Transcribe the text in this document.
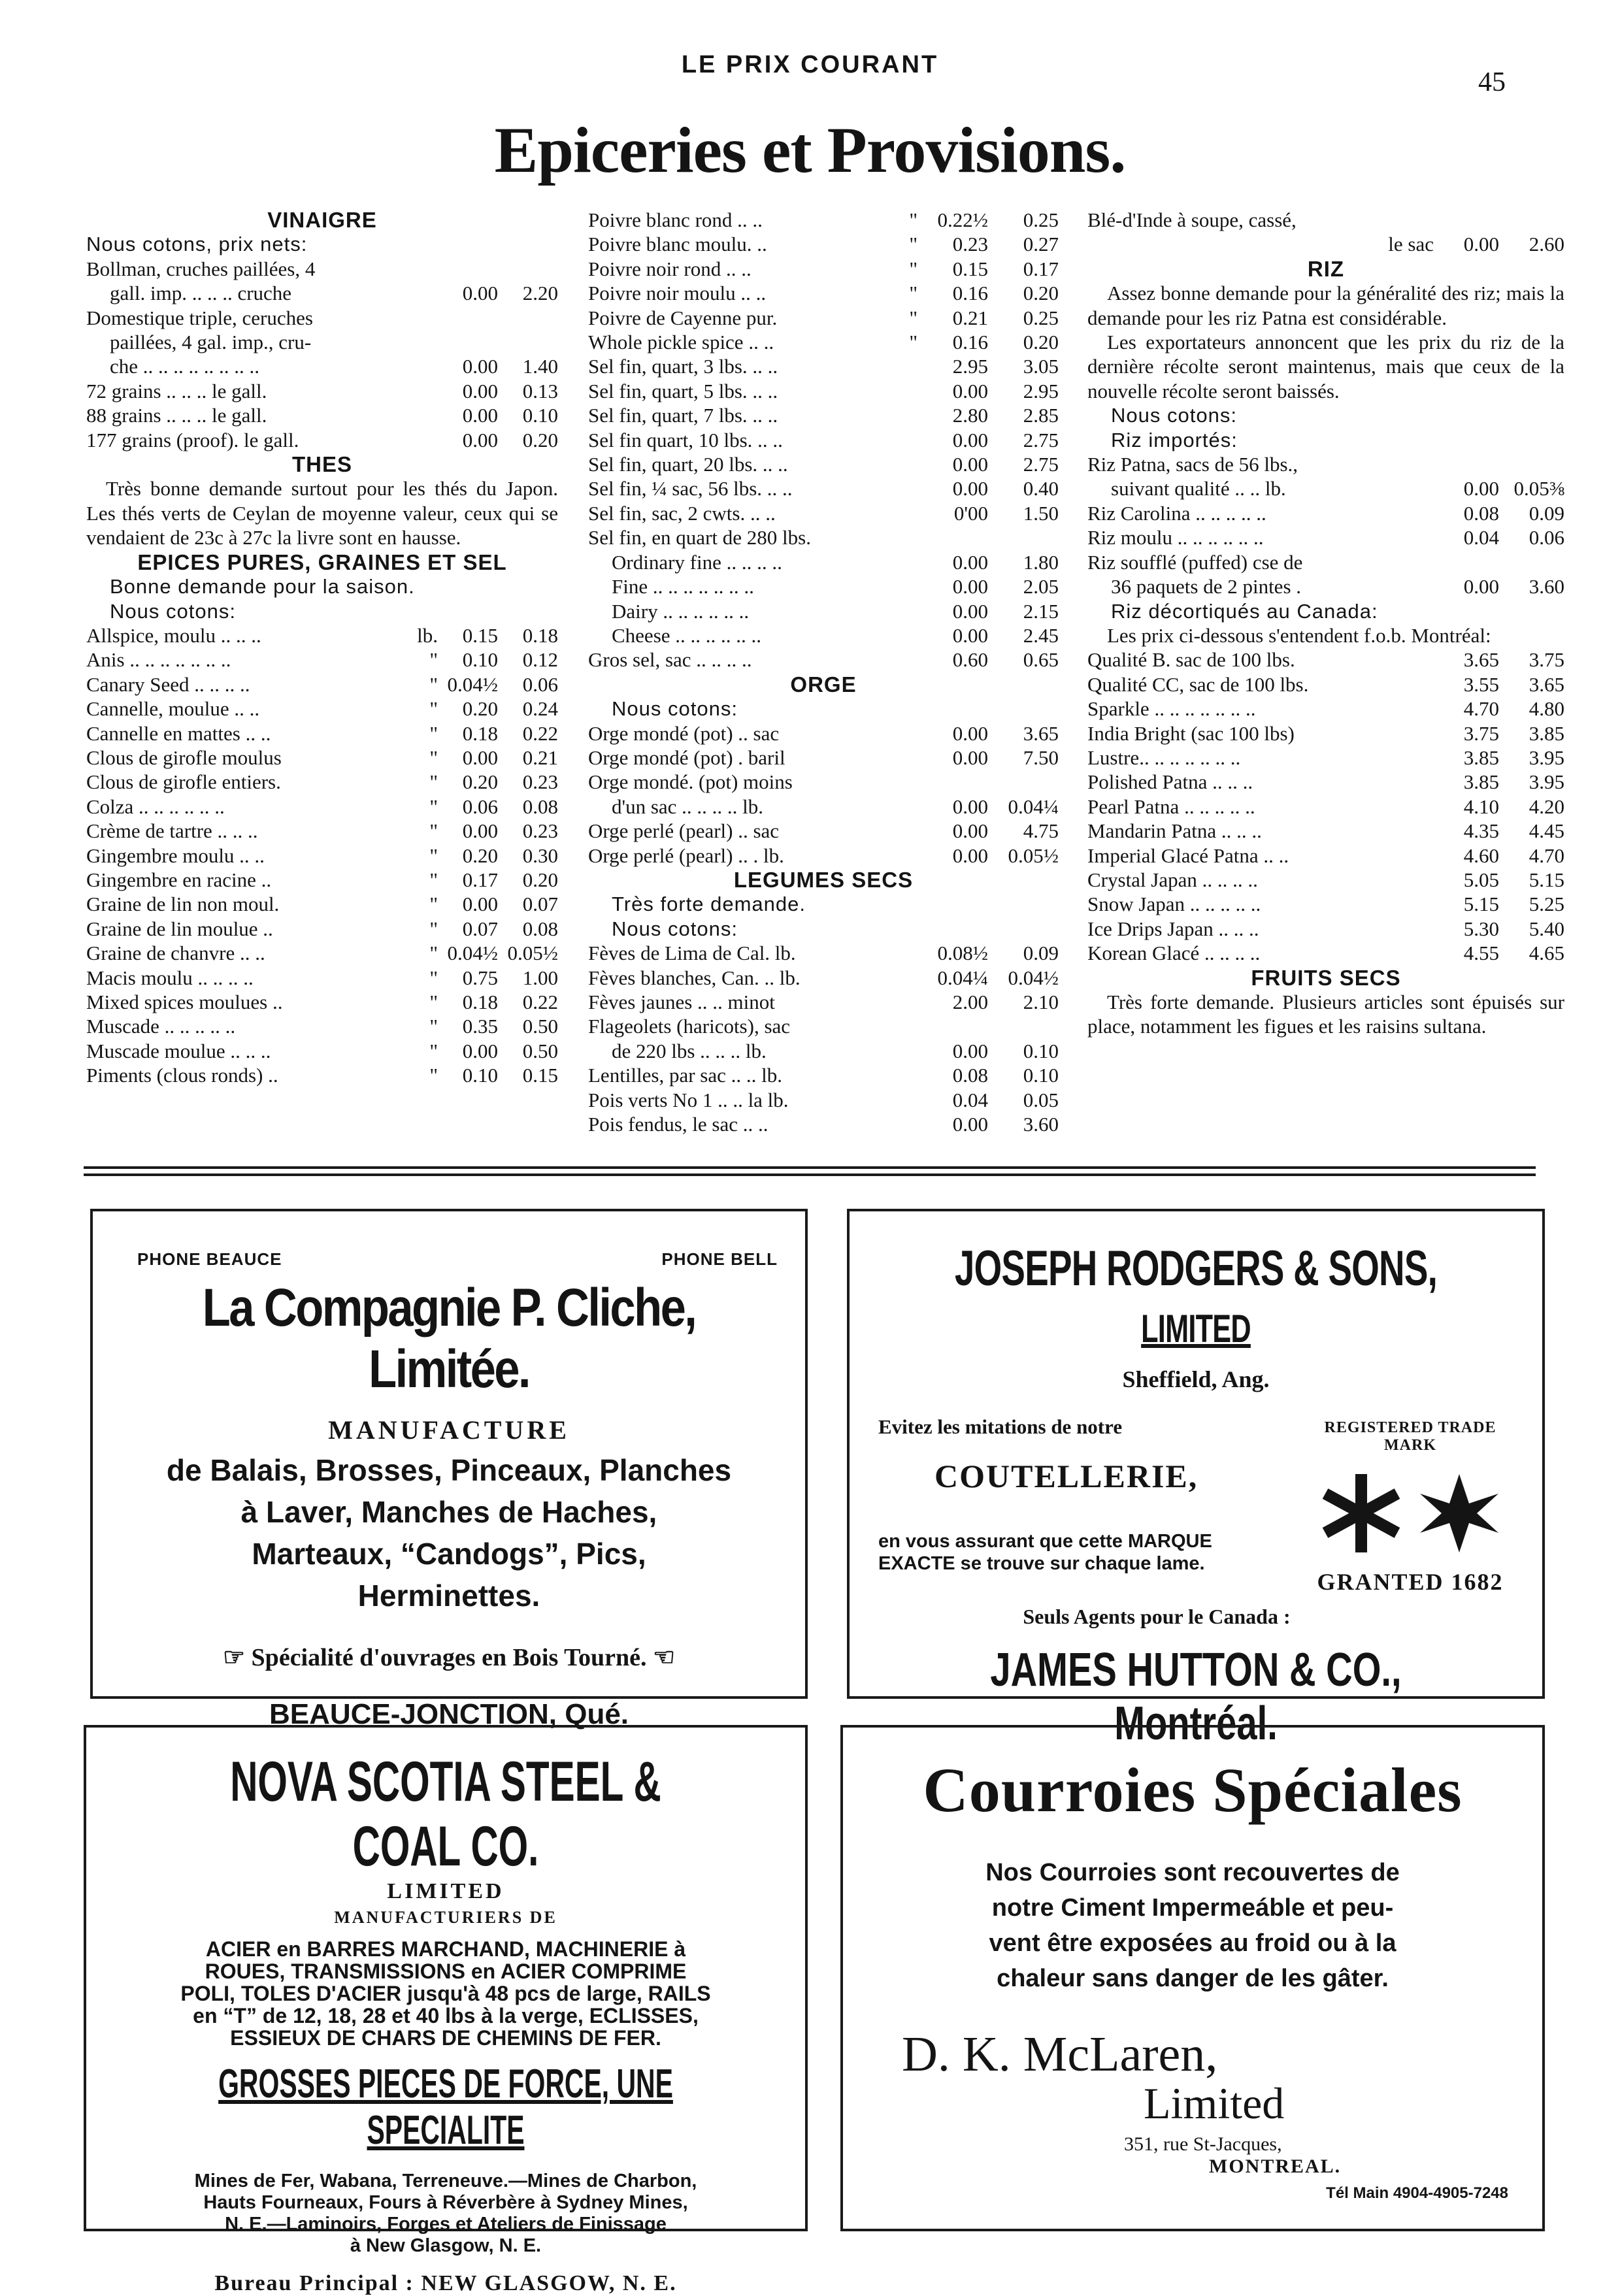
LE PRIX COURANT
45
Epiceries et Provisions.
VINAIGRE
Nous cotons, prix nets:
Bollman, cruches paillées, 4
gall. imp. .. .. .. cruche	0.00	2.20
Domestique triple, ceruches
paillées, 4 gal. imp., cru-
che .. .. .. .. .. .. .. ..	0.00	1.40
72 grains .. .. .. le gall.	0.00	0.13
88 grains .. .. .. le gall.	0.00	0.10
177 grains (proof). le gall.	0.00	0.20
THES
Très bonne demande surtout pour les thés du Japon. Les thés verts de Ceylan de moyenne valeur, ceux qui se vendaient de 23c à 27c la livre sont en hausse.
EPICES PURES, GRAINES ET SEL
Bonne demande pour la saison.
Nous cotons:
Allspice, moulu .. .. ..	lb.	0.15	0.18
Anis .. .. .. .. .. .. ..	"	0.10	0.12
Canary Seed .. .. .. ..	" 0.04½	0.06
Cannelle, moulue .. ..	"	0.20	0.24
Cannelle en mattes .. ..	"	0.18	0.22
Clous de girofle moulus	"	0.00	0.21
Clous de girofle entiers.	"	0.20	0.23
Colza .. .. .. .. .. ..	"	0.06	0.08
Crème de tartre .. .. ..	"	0.00	0.23
Gingembre moulu .. ..	"	0.20	0.30
Gingembre en racine ..	"	0.17	0.20
Graine de lin non moul.	"	0.00	0.07
Graine de lin moulue ..	"	0.07	0.08
Graine de chanvre .. ..	" 0.04½ 0.05½
Macis moulu .. .. .. ..	"	0.75	1.00
Mixed spices moulues ..	"	0.18	0.22
Muscade .. .. .. .. ..	"	0.35	0.50
Muscade moulue .. .. ..	"	0.00	0.50
Piments (clous ronds) ..	"	0.10	0.15
Poivre blanc rond .. ..	" 0.22½	0.25
Poivre blanc moulu. ..	"	0.23	0.27
Poivre noir rond .. ..	"	0.15	0.17
Poivre noir moulu .. ..	"	0.16	0.20
Poivre de Cayenne pur.	"	0.21	0.25
Whole pickle spice .. ..	"	0.16	0.20
Sel fin, quart, 3 lbs. .. ..	2.95	3.05
Sel fin, quart, 5 lbs. .. ..	0.00	2.95
Sel fin, quart, 7 lbs. .. ..	2.80	2.85
Sel fin quart, 10 lbs. .. ..	0.00	2.75
Sel fin, quart, 20 lbs. .. ..	0.00	2.75
Sel fin, ¼ sac, 56 lbs. .. ..	0.00	0.40
Sel fin, sac, 2 cwts. .. ..	0'00	1.50
Sel fin, en quart de 280 lbs.
Ordinary fine .. .. .. ..	0.00	1.80
Fine .. .. .. .. .. .. ..	0.00	2.05
Dairy .. .. .. .. .. ..	0.00	2.15
Cheese .. .. .. .. .. ..	0.00	2.45
Gros sel, sac .. .. .. ..	0.60	0.65
ORGE
Nous cotons:
Orge mondé (pot) .. sac	0.00	3.65
Orge mondé (pot) . baril	0.00	7.50
Orge mondé. (pot) moins
d'un sac .. .. .. .. lb.	0.00 0.04¼
Orge perlé (pearl) .. sac	0.00	4.75
Orge perlé (pearl) .. . lb.	0.00 0.05½
LEGUMES SECS
Très forte demande.
Nous cotons:
Fèves de Lima de Cal. lb.	0.08½	0.09
Fèves blanches, Can. .. lb.	0.04¼ 0.04½
Fèves jaunes .. .. minot	2.00	2.10
Flageolets (haricots), sac
de 220 lbs .. .. .. lb.	0.00	0.10
Lentilles, par sac .. .. lb.	0.08	0.10
Pois verts No 1 .. .. la lb.	0.04	0.05
Pois fendus, le sac .. ..	0.00	3.60
Blé-d'Inde à soupe, cassé,
le sac	0.00	2.60
RIZ
Assez bonne demande pour la généralité des riz; mais la demande pour les riz Patna est considérable.
Les exportateurs annoncent que les prix du riz de la dernière récolte seront maintenus, mais que ceux de la nouvelle récolte seront baissés.
Nous cotons:
Riz importés:
Riz Patna, sacs de 56 lbs.,
suivant qualité .. .. lb.	0.00 0.05⅜
Riz Carolina .. .. .. .. ..	0.08	0.09
Riz moulu .. .. .. .. .. ..	0.04	0.06
Riz soufflé (puffed) cse de
36 paquets de 2 pintes .	0.00	3.60
Riz décortiqués au Canada:
Les prix ci-dessous s'entendent f.o.b. Montréal:
Qualité B. sac de 100 lbs.	3.65	3.75
Qualité CC, sac de 100 lbs.	3.55	3.65
Sparkle .. .. .. .. .. .. ..	4.70	4.80
India Bright (sac 100 lbs)	3.75	3.85
Lustre.. .. .. .. .. .. ..	3.85	3.95
Polished Patna .. .. ..	3.85	3.95
Pearl Patna .. .. .. .. ..	4.10	4.20
Mandarin Patna .. .. ..	4.35	4.45
Imperial Glacé Patna .. ..	4.60	4.70
Crystal Japan .. .. .. ..	5.05	5.15
Snow Japan .. .. .. .. ..	5.15	5.25
Ice Drips Japan .. .. ..	5.30	5.40
Korean Glacé .. .. .. ..	4.55	4.65
FRUITS SECS
Très forte demande. Plusieurs articles sont épuisés sur place, notamment les figues et les raisins sultana.
PHONE BEAUCE	PHONE BELL
La Compagnie P. Cliche, Limitée.
MANUFACTURE
de Balais, Brosses, Pinceaux, Planches
à Laver, Manches de Haches,
Marteaux, “Candogs”, Pics,
Herminettes.
☞ Spécialité d'ouvrages en Bois Tourné. ☜
BEAUCE-JONCTION, Qué.
JOSEPH RODGERS & SONS, LIMITED
Sheffield, Ang.
Evitez les mitations de notre
COUTELLERIE,
en vous assurant que cette MARQUE
EXACTE se trouve sur chaque lame.
REGISTERED TRADE MARK
GRANTED 1682
Seuls Agents pour le Canada :
JAMES HUTTON & CO., Montréal.
NOVA SCOTIA STEEL & COAL CO.
LIMITED
MANUFACTURIERS DE
ACIER en BARRES MARCHAND, MACHINERIE à
ROUES, TRANSMISSIONS en ACIER COMPRIME
POLI, TOLES D'ACIER jusqu'à 48 pcs de large, RAILS
en “T” de 12, 18, 28 et 40 lbs à la verge, ECLISSES,
ESSIEUX DE CHARS DE CHEMINS DE FER.
GROSSES PIECES DE FORCE, UNE SPECIALITE
Mines de Fer, Wabana, Terreneuve.—Mines de Charbon,
Hauts Fourneaux, Fours à Réverbère à Sydney Mines,
N. E.—Laminoirs, Forges et Ateliers de Finissage
à New Glasgow, N. E.
Bureau Principal : NEW GLASGOW, N. E.
Courroies Spéciales
Nos Courroies sont recouvertes de
notre Ciment Impermeáble et peu-
vent être exposées au froid ou à la
chaleur sans danger de les gâter.
D. K. McLaren,
Limited
351, rue St-Jacques,
MONTREAL.
Tél Main 4904-4905-7248
